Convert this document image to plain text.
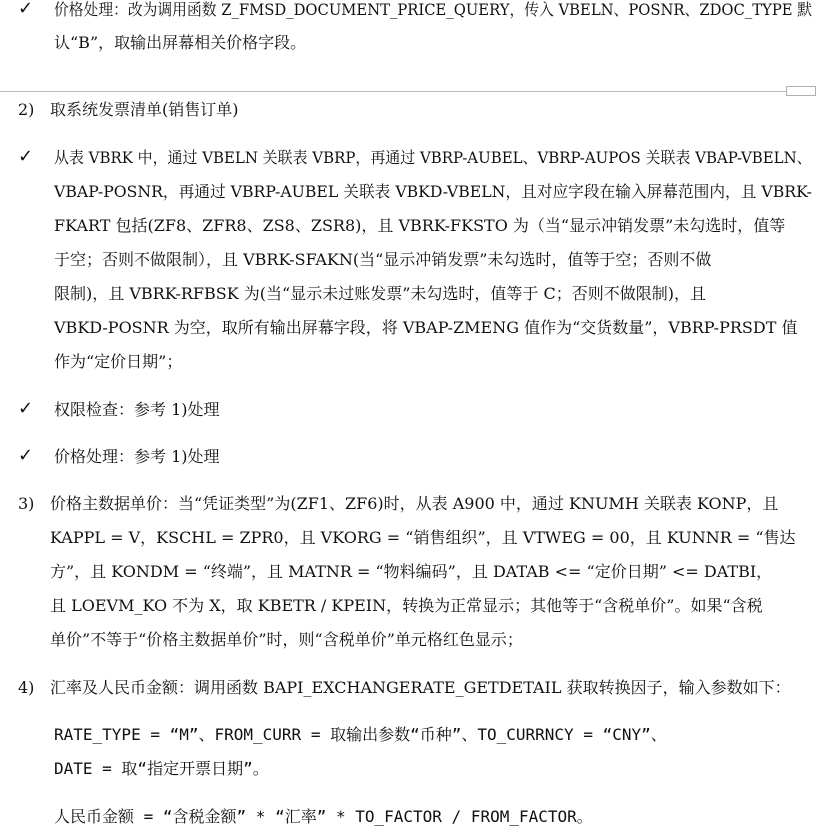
✓ 价格处理：改为调用函数 Z_FMSD_DOCUMENT_PRICE_QUERY，传入 VBELN、POSNR、ZDOC_TYPE 默
认“B”，取输出屏幕相关价格字段。
2) 取系统发票清单(销售订单)
✓ 从表 VBRK 中，通过 VBELN 关联表 VBRP，再通过 VBRP-AUBEL、VBRP-AUPOS 关联表 VBAP-VBELN、
VBAP-POSNR，再通过 VBRP-AUBEL 关联表 VBKD-VBELN，且对应字段在输入屏幕范围内，且 VBRK-
FKART 包括(ZF8、ZFR8、ZS8、ZSR8)，且 VBRK-FKSTO 为（当“显示冲销发票”未勾选时，值等
于空；否则不做限制），且 VBRK-SFAKN(当“显示冲销发票”未勾选时，值等于空；否则不做
限制)，且 VBRK-RFBSK 为(当“显示未过账发票”未勾选时，值等于 C；否则不做限制)，且
VBKD-POSNR 为空，取所有输出屏幕字段，将 VBAP-ZMENG 值作为“交货数量”，VBRP-PRSDT 值
作为“定价日期”；
✓ 权限检查：参考 1)处理
✓ 价格处理：参考 1)处理
3) 价格主数据单价：当“凭证类型”为(ZF1、ZF6)时，从表 A900 中，通过 KNUMH 关联表 KONP，且
KAPPL = V，KSCHL = ZPR0，且 VKORG = “销售组织”，且 VTWEG = 00，且 KUNNR = “售达
方”，且 KONDM = “终端”，且 MATNR = “物料编码”，且 DATAB <= “定价日期” <= DATBI，
且 LOEVM_KO 不为 X，取 KBETR / KPEIN，转换为正常显示；其他等于“含税单价”。如果“含税
单价”不等于“价格主数据单价”时，则“含税单价”单元格红色显示；
4) 汇率及人民币金额：调用函数 BAPI_EXCHANGERATE_GETDETAIL 获取转换因子，输入参数如下：
RATE_TYPE = “M”、FROM_CURR = 取输出参数“币种”、TO_CURRNCY = “CNY”、
DATE = 取“指定开票日期”。
人民币金额 = “含税金额” * “汇率” * TO_FACTOR / FROM_FACTOR。
